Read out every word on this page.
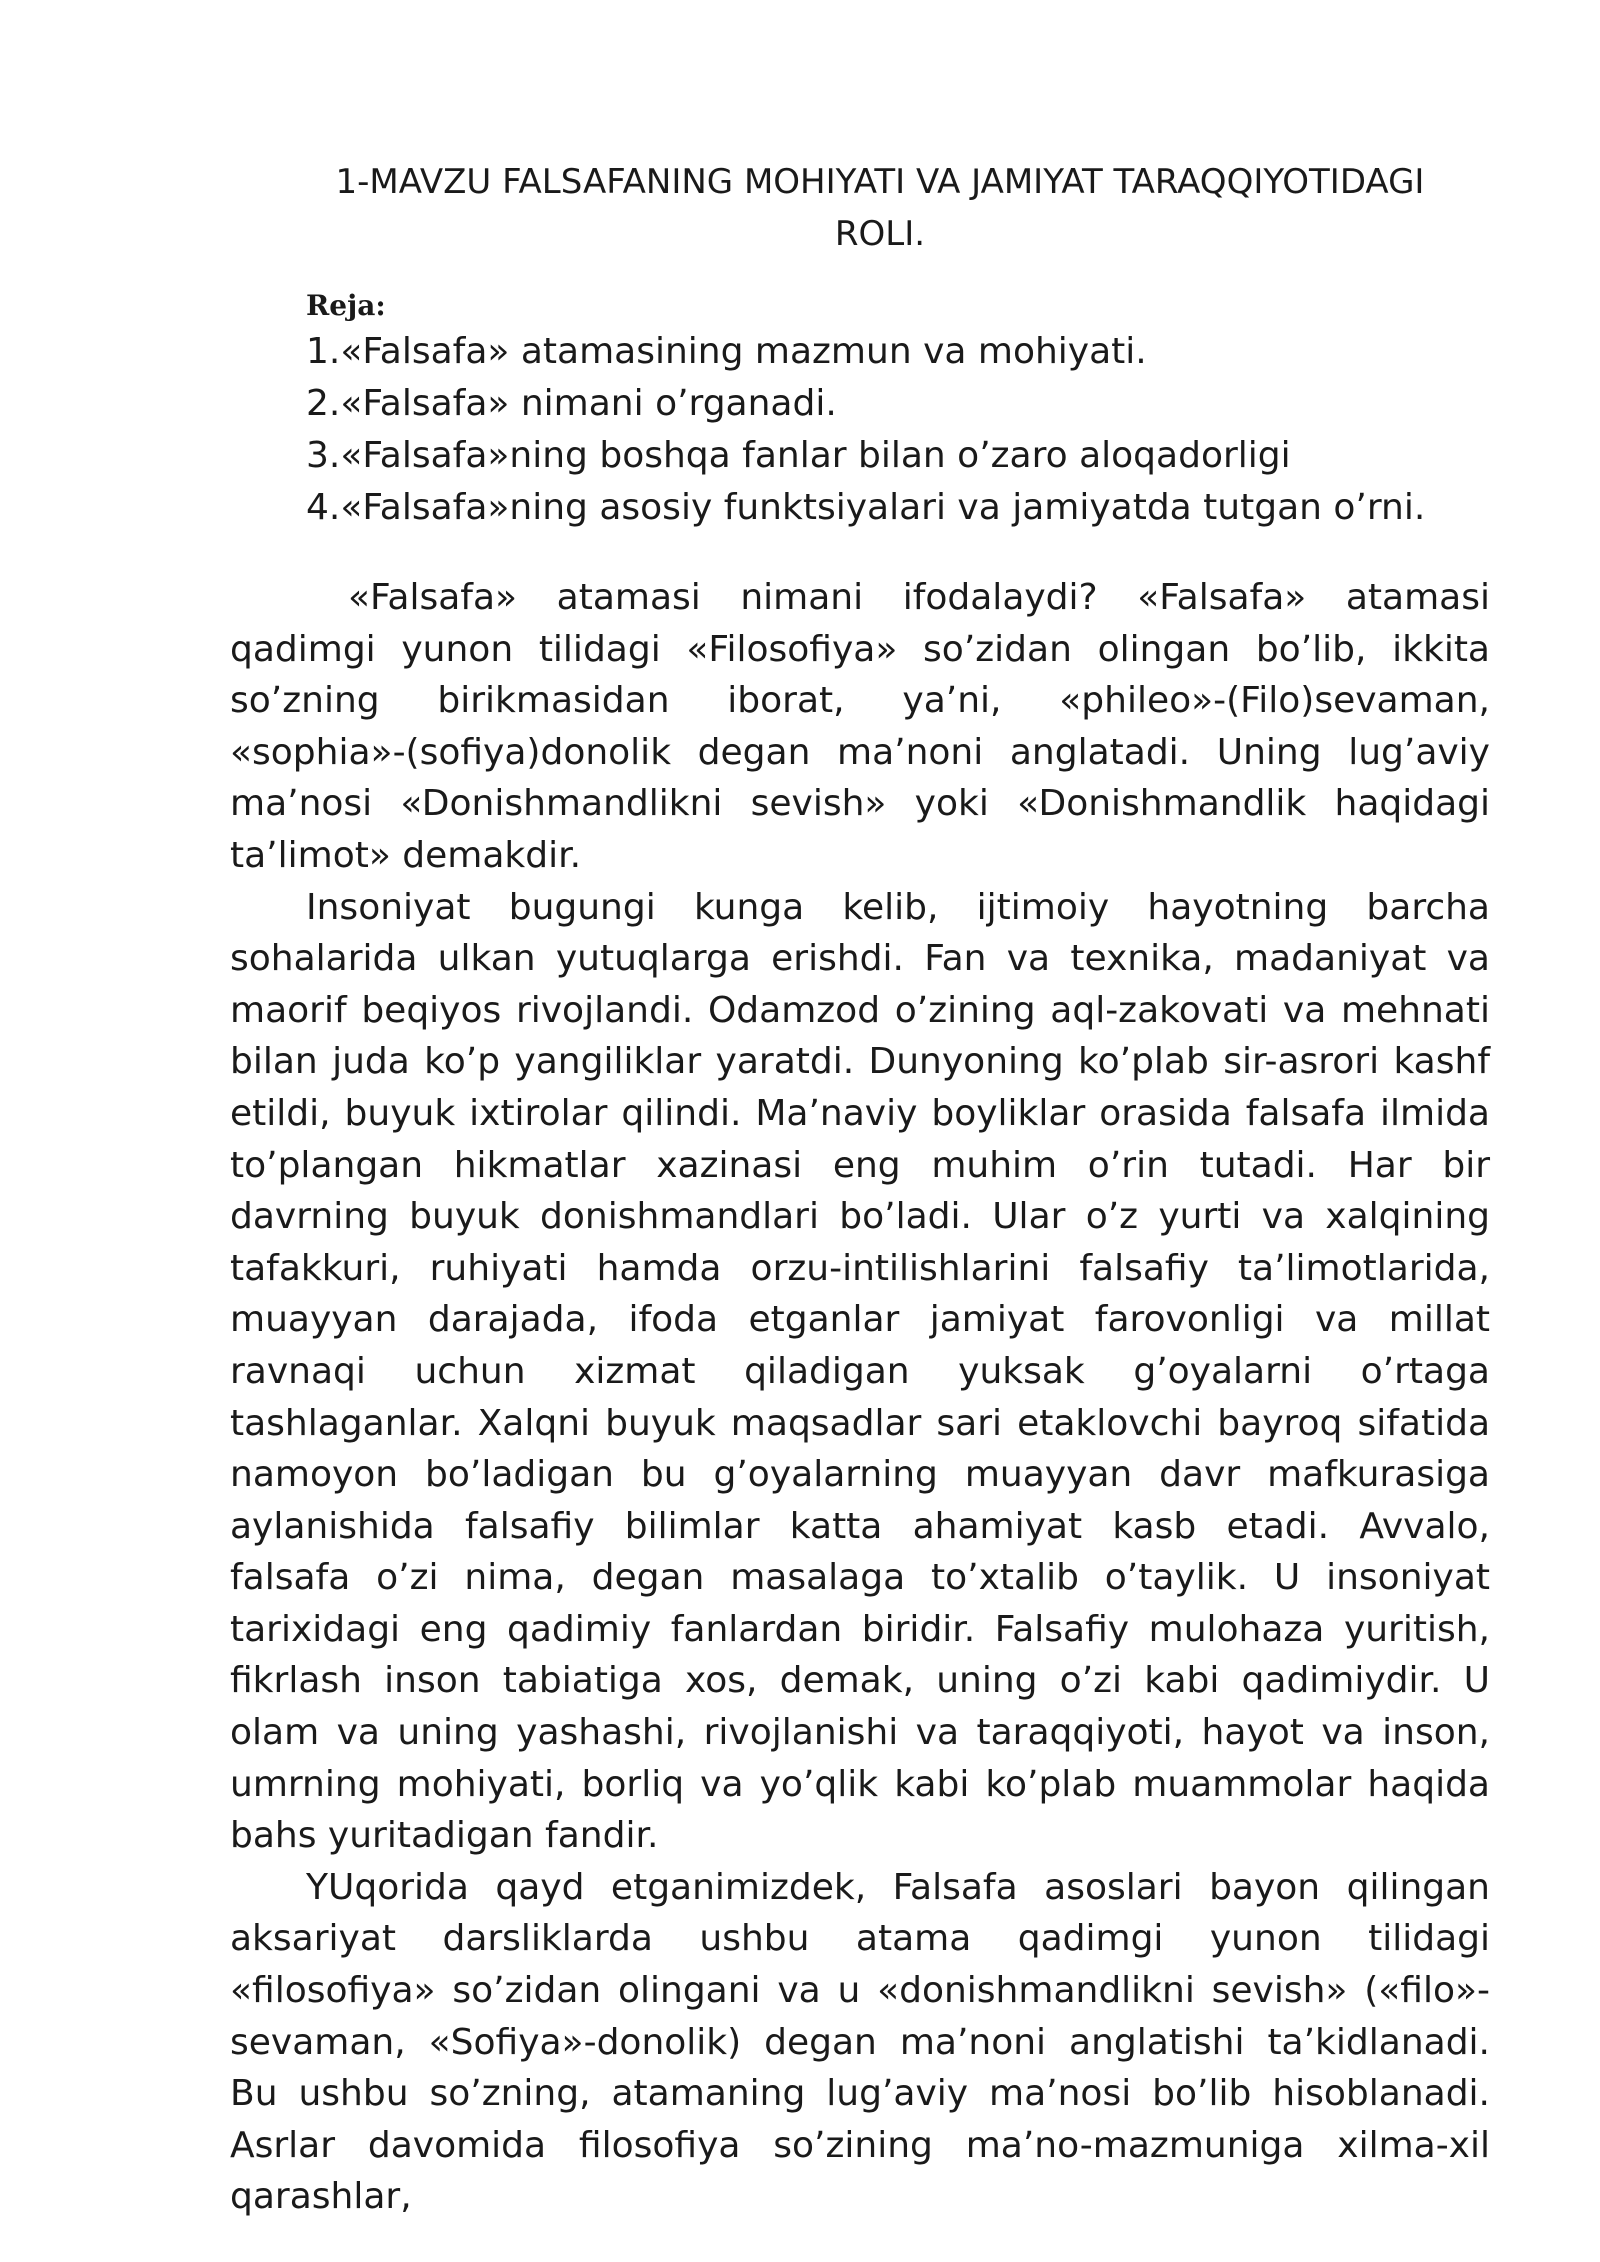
1-MAVZU FALSAFANING MOHIYATI VA JAMIYAT TARAQQIYOTIDAGI
ROLI.

Reja:

1.«Falsafa» atamasining mazmun va mohiyati.
2.«Falsafa» nimani o’rganadi.
3.«Falsafa»ning boshqa fanlar bilan o’zaro aloqadorligi
4.«Falsafa»ning asosiy funktsiyalari va jamiyatda tutgan o’rni.

«Falsafa» atamasi nimani ifodalaydi? «Falsafa» atamasi qadimgi yunon tilidagi «Filosofiya» so’zidan olingan bo’lib, ikkita so’zning birikmasidan iborat, ya’ni, «phileo»-(Filo)sevaman, «sophia»-(sofiya)donolik degan ma’noni anglatadi. Uning lug’aviy ma’nosi «Donishmandlikni sevish» yoki «Donishmandlik haqidagi ta’limot» demakdir.

Insoniyat bugungi kunga kelib, ijtimoiy hayotning barcha sohalarida ulkan yutuqlarga erishdi. Fan va texnika, madaniyat va maorif beqiyos rivojlandi. Odamzod o’zining aql-zakovati va mehnati bilan juda ko’p yangiliklar yaratdi. Dunyoning ko’plab sir-asrori kashf etildi, buyuk ixtirolar qilindi. Ma’naviy boyliklar orasida falsafa ilmida to’plangan hikmatlar xazinasi eng muhim o’rin tutadi. Har bir davrning buyuk donishmandlari bo’ladi. Ular o’z yurti va xalqining tafakkuri, ruhiyati hamda orzu-intilishlarini falsafiy ta’limotlarida, muayyan darajada, ifoda etganlar jamiyat farovonligi va millat ravnaqi uchun xizmat qiladigan yuksak g’oyalarni o’rtaga tashlaganlar. Xalqni buyuk maqsadlar sari etaklovchi bayroq sifatida namoyon bo’ladigan bu g’oyalarning muayyan davr mafkurasiga aylanishida falsafiy bilimlar katta ahamiyat kasb etadi. Avvalo, falsafa o’zi nima, degan masalaga to’xtalib o’taylik. U insoniyat tarixidagi eng qadimiy fanlardan biridir. Falsafiy mulohaza yuritish, fikrlash inson tabiatiga xos, demak, uning o’zi kabi qadimiydir. U olam va uning yashashi, rivojlanishi va taraqqiyoti, hayot va inson, umrning mohiyati, borliq va yo’qlik kabi ko’plab muammolar haqida bahs yuritadigan fandir.

YUqorida qayd etganimizdek, Falsafa asoslari bayon qilingan aksariyat darsliklarda ushbu atama qadimgi yunon tilidagi «filosofiya» so’zidan olingani va u «donishmandlikni sevish» («filo»-sevaman, «Sofiya»-donolik) degan ma’noni anglatishi ta’kidlanadi. Bu ushbu so’zning, atamaning lug’aviy ma’nosi bo’lib hisoblanadi. Asrlar davomida filosofiya so’zining ma’no-mazmuniga xilma-xil qarashlar,
